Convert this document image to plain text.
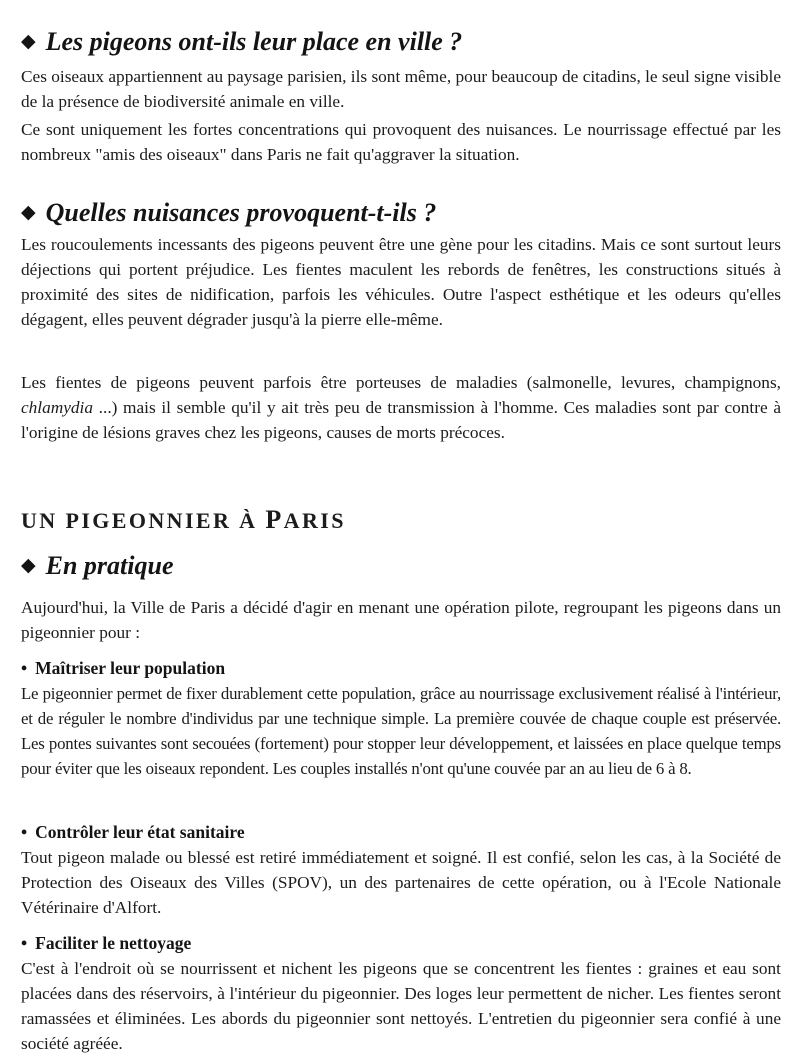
◆ Les pigeons ont-ils leur place en ville ?

Ces oiseaux appartiennent au paysage parisien, ils sont même, pour beaucoup de citadins, le seul signe visible de la présence de biodiversité animale en ville.

Ce sont uniquement les fortes concentrations qui provoquent des nuisances. Le nourrissage effectué par les nombreux "amis des oiseaux" dans Paris ne fait qu'aggraver la situation.

◆ Quelles nuisances provoquent-t-ils ?

Les roucoulements incessants des pigeons peuvent être une gène pour les citadins. Mais ce sont surtout leurs déjections qui portent préjudice. Les fientes maculent les rebords de fenêtres, les constructions situés à proximité des sites de nidification, parfois les véhicules. Outre l'aspect esthétique et les odeurs qu'elles dégagent, elles peuvent dégrader jusqu'à la pierre elle-même.

Les fientes de pigeons peuvent parfois être porteuses de maladies (salmonelle, levures, champignons, chlamydia ...) mais il semble qu'il y ait très peu de transmission à l'homme. Ces maladies sont par contre à l'origine de lésions graves chez les pigeons, causes de morts précoces.

UN PIGEONNIER À PARIS
◆ En pratique

Aujourd'hui, la Ville de Paris a décidé d'agir en menant une opération pilote, regroupant les pigeons dans un pigeonnier pour :

• Maîtriser leur population

Le pigeonnier permet de fixer durablement cette population, grâce au nourrissage exclusivement réalisé à l'intérieur, et de réguler le nombre d'individus par une technique simple. La première couvée de chaque couple est préservée. Les pontes suivantes sont secouées (fortement) pour stopper leur développement, et laissées en place quelque temps pour éviter que les oiseaux repondent. Les couples installés n'ont qu'une couvée par an au lieu de 6 à 8.

• Contrôler leur état sanitaire

Tout pigeon malade ou blessé est retiré immédiatement et soigné. Il est confié, selon les cas, à la Société de Protection des Oiseaux des Villes (SPOV), un des partenaires de cette opération, ou à l'Ecole Nationale Vétérinaire d'Alfort.

• Faciliter le nettoyage

C'est à l'endroit où se nourrissent et nichent les pigeons que se concentrent les fientes : graines et eau sont placées dans des réservoirs, à l'intérieur du pigeonnier. Des loges leur permettent de nicher. Les fientes seront ramassées et éliminées. Les abords du pigeonnier sont nettoyés. L'entretien du pigeonnier sera confié à une société agréée.
